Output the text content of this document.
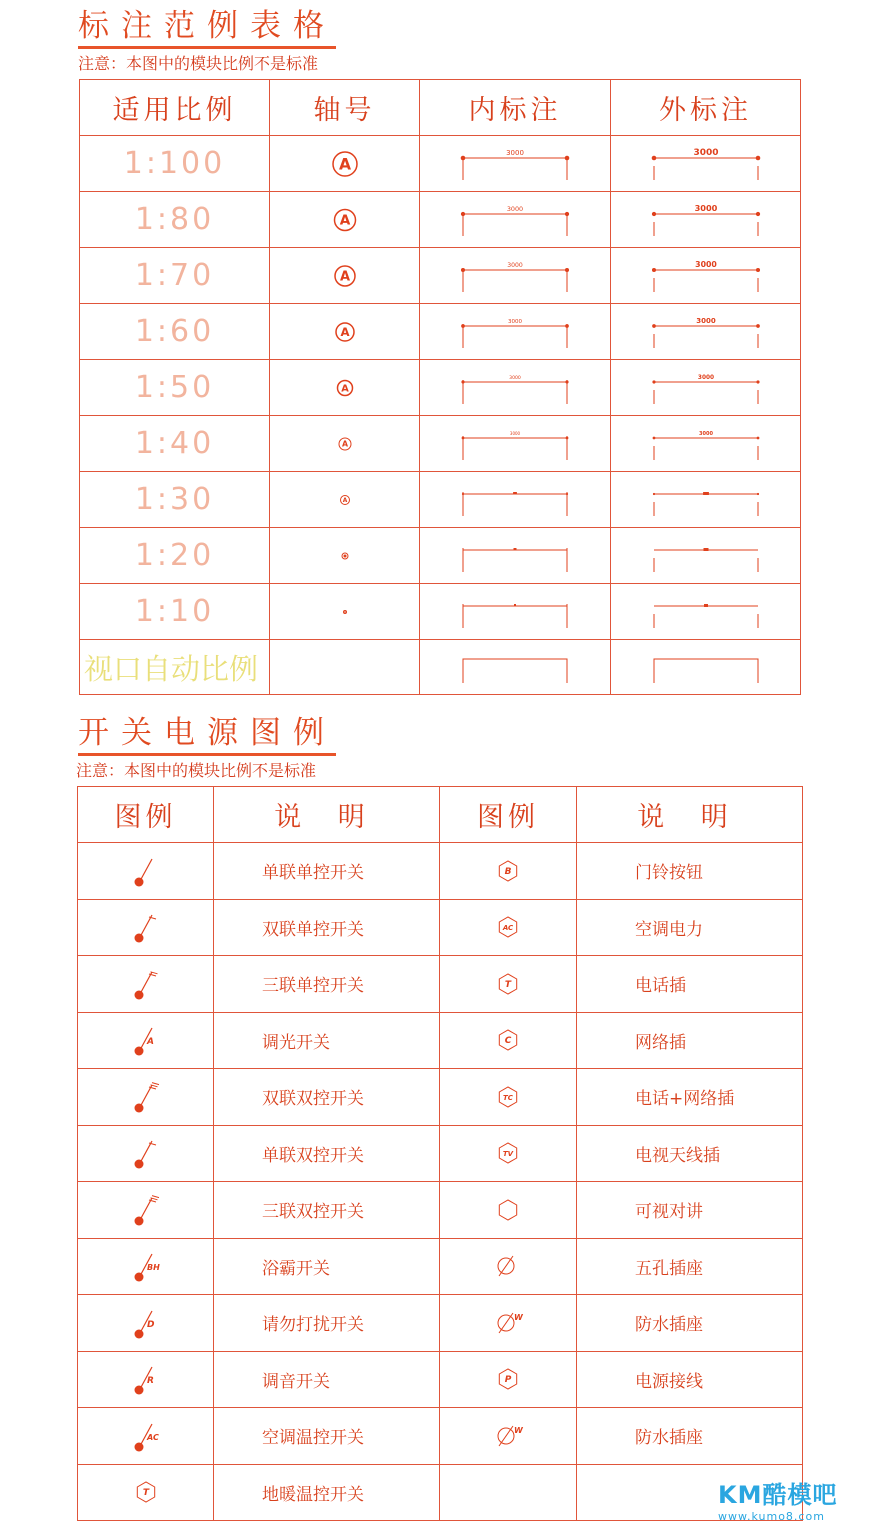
标注范例表格
注意：本图中的模块比例不是标准
适用比例	轴号	内标注	外标注
1:100	A	3000	3000

1:80	A	3000	3000

1:70	A	3000	3000

1:60	A	3000	3000

1:50	A	3000	3000

1:40	A	3000	3000

1:30	A

1:20	

1:10	

视口自动比例		

开关电源图例
注意：本图中的模块比例不是标准
图例	说 明	图例	说 明

	单联单控开关	B	门铃按钮

	双联单控开关	AC	空调电力

	三联单控开关	T	电话插

A	调光开关	C	网络插

	双联双控开关	TC	电话+网络插

	单联双控开关	TV	电视天线插

	三联双控开关		可视对讲

BH	浴霸开关		五孔插座

D	请勿打扰开关	W	防水插座

R	调音开关	P	电源接线

AC	空调温控开关	W	防水插座

T	地暖温控开关			KM酷模吧
www.kumo8.com
